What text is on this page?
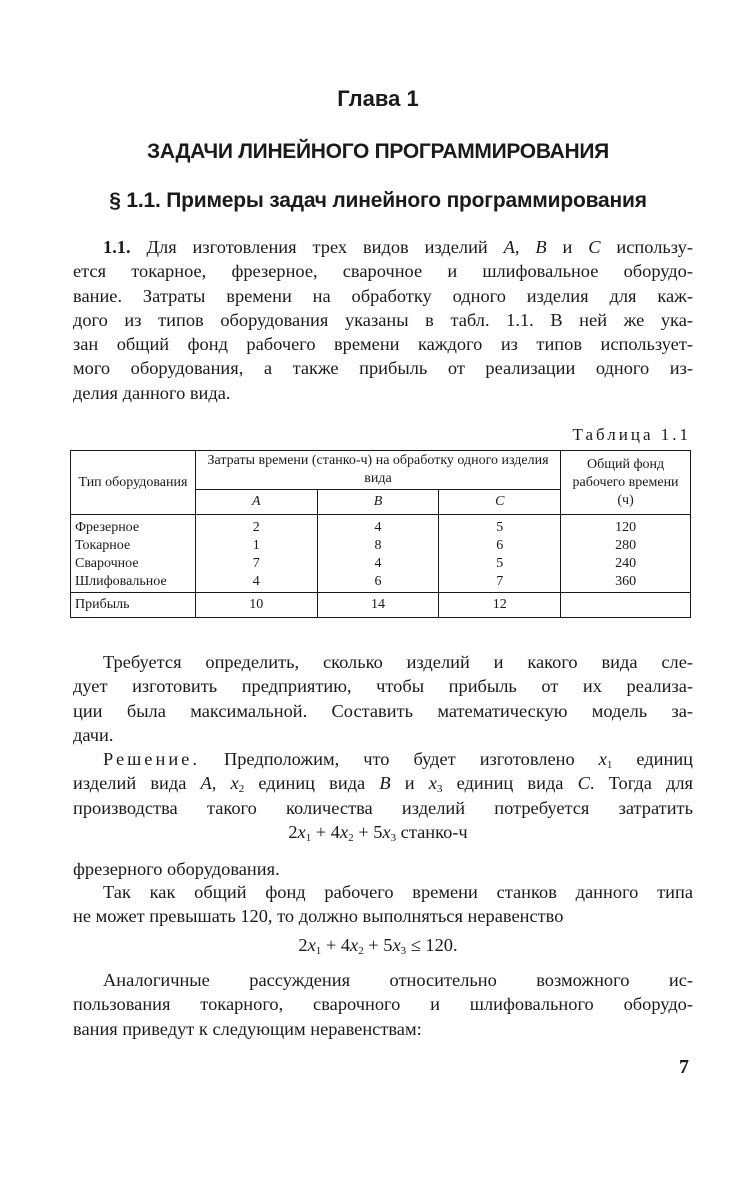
Глава 1
ЗАДАЧИ ЛИНЕЙНОГО ПРОГРАММИРОВАНИЯ
§ 1.1. Примеры задач линейного программирования
1.1. Для изготовления трех видов изделий A, B и C использу-
ется токарное, фрезерное, сварочное и шлифовальное оборудо-
вание. Затраты времени на обработку одного изделия для каж-
дого из типов оборудования указаны в табл. 1.1. В ней же ука-
зан общий фонд рабочего времени каждого из типов использует-
мого оборудования, а также прибыль от реализации одного из-
делия данного вида.
Таблица 1.1
Тип оборудования	Затраты времени (станко-ч) на обработку одного изделия вида			Общий фонд рабочего времени (ч)
	A	B	C	
Фрезерное	2	4	5	120
Токарное	1	8	6	280
Сварочное	7	4	5	240
Шлифовальное	4	6	7	360
Прибыль	10	14	12	
Требуется определить, сколько изделий и какого вида сле-
дует изготовить предприятию, чтобы прибыль от их реализа-
ции была максимальной. Составить математическую модель за-
дачи.
Решение. Предположим, что будет изготовлено $x_1$ единиц
изделий вида A, $x_2$ единиц вида B и $x_3$ единиц вида C. Тогда для
производства такого количества изделий потребуется затратить
$2x_1 + 4x_2 + 5x_3$ станко-ч
фрезерного оборудования.
Так как общий фонд рабочего времени станков данного типа
не может превышать 120, то должно выполняться неравенство
$2x_1 + 4x_2 + 5x_3 \le 120$.
Аналогичные рассуждения относительно возможного ис-
пользования токарного, сварочного и шлифовального оборудо-
вания приведут к следующим неравенствам:
7
